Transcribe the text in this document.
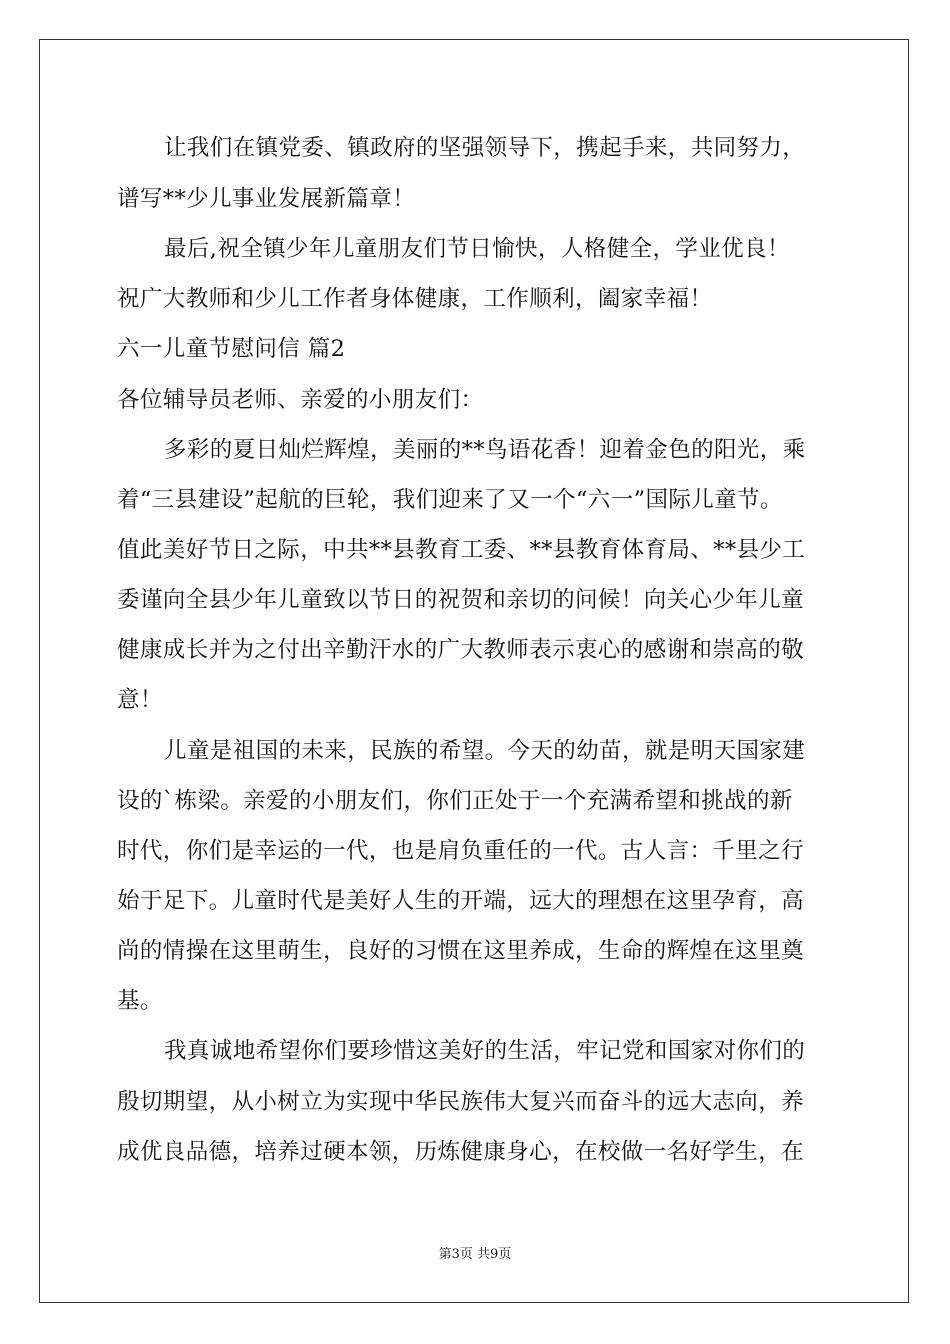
让我们在镇党委、镇政府的坚强领导下，携起手来，共同努力，
谱写**少儿事业发展新篇章！
最后,祝全镇少年儿童朋友们节日愉快，人格健全，学业优良！
祝广大教师和少儿工作者身体健康，工作顺利，阖家幸福！
六一儿童节慰问信 篇2
各位辅导员老师、亲爱的小朋友们：
多彩的夏日灿烂辉煌，美丽的**鸟语花香！迎着金色的阳光，乘
着“三县建设”起航的巨轮，我们迎来了又一个“六一”国际儿童节。
值此美好节日之际，中共**县教育工委、**县教育体育局、**县少工
委谨向全县少年儿童致以节日的祝贺和亲切的问候！向关心少年儿童
健康成长并为之付出辛勤汗水的广大教师表示衷心的感谢和崇高的敬
意！
儿童是祖国的未来，民族的希望。今天的幼苗，就是明天国家建
设的`栋梁。亲爱的小朋友们，你们正处于一个充满希望和挑战的新
时代，你们是幸运的一代，也是肩负重任的一代。古人言：千里之行
始于足下。儿童时代是美好人生的开端，远大的理想在这里孕育，高
尚的情操在这里萌生，良好的习惯在这里养成，生命的辉煌在这里奠
基。
我真诚地希望你们要珍惜这美好的生活，牢记党和国家对你们的
殷切期望，从小树立为实现中华民族伟大复兴而奋斗的远大志向，养
成优良品德，培养过硬本领，历炼健康身心，在校做一名好学生，在
第3页 共9页
